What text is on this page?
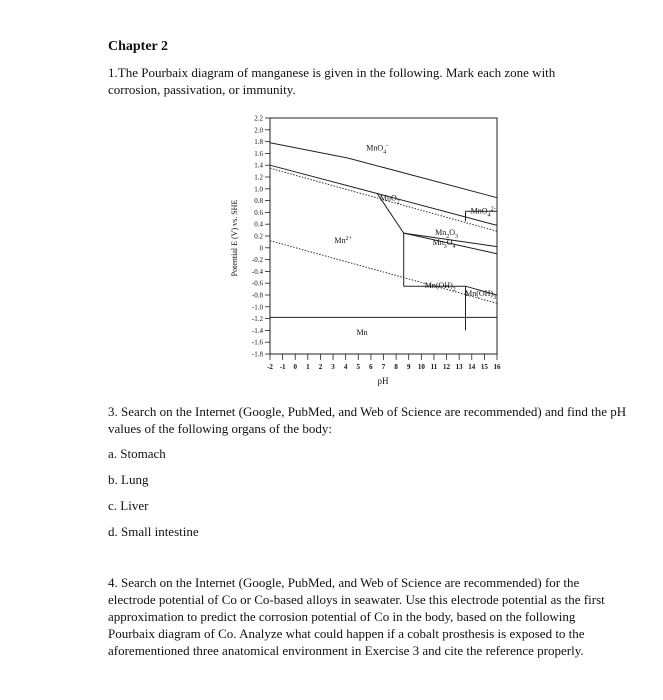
Chapter 2

1.The Pourbaix diagram of manganese is given in the following. Mark each zone with corrosion, passivation, or immunity.

MnO$_4$-
MnO$_2$
MnO$_4^{2-}$
$Mn_2O_3$
$Mn_3O_4$
$Mn^{2+}$
$Mn(OH)_2$ $Mn(OH)_3$
Mn
2.2
2.0
1.8
1.6
1.4
1.2
1.0
0.8
0.6
0.4
0.2
0
-0.2
-0.4
-0.6
-0.8
-1.0
-1.2
-1.4
-1.6
-1.8
-2 -1 0 1 2 3 4 5 6 7 8 9 10 11 12 13 14 15 16
Potential E (V) vs. SHE
pH

3. Search on the Internet (Google, PubMed, and Web of Science are recommended) and find the pH values of the following organs of the body:

a. Stomach

b. Lung

c. Liver

d. Small intestine

4. Search on the Internet (Google, PubMed, and Web of Science are recommended) for the electrode potential of Co or Co-based alloys in seawater. Use this electrode potential as the first approximation to predict the corrosion potential of Co in the body, based on the following Pourbaix diagram of Co. Analyze what could happen if a cobalt prosthesis is exposed to the aforementioned three anatomical environment in Exercise 3 and cite the reference properly.
